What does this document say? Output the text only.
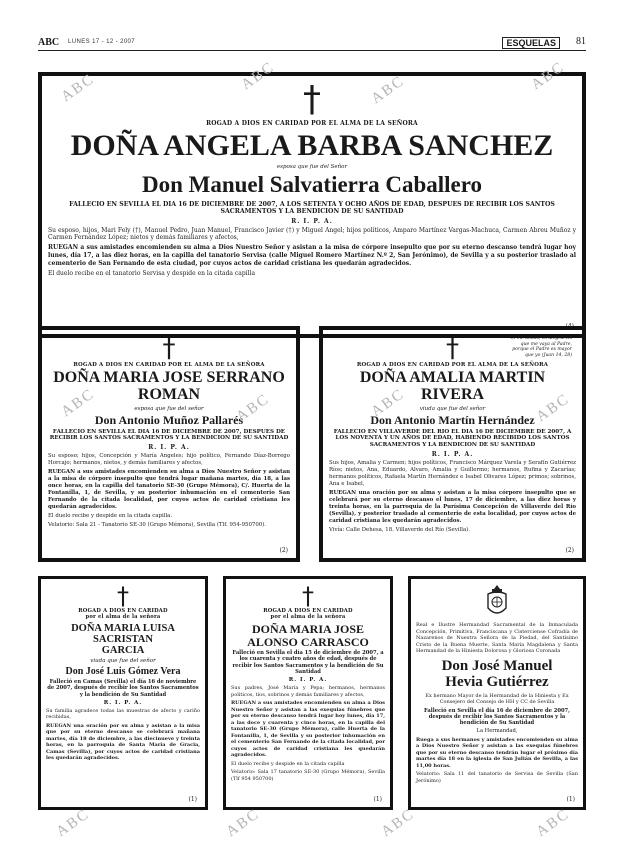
ABC LUNES 17 - 12 - 2007	ESQUELAS	81
†
ROGAD A DIOS EN CARIDAD POR EL ALMA DE LA SEÑORA
DOÑA ANGELA BARBA SANCHEZ
esposa que fue del Señor
Don Manuel Salvatierra Caballero
FALLECIO EN SEVILLA EL DIA 16 DE DICIEMBRE DE 2007, A LOS SETENTA Y OCHO AÑOS DE EDAD, DESPUES DE RECIBIR LOS SANTOS SACRAMENTOS Y LA BENDICION DE SU SANTIDAD
R. I. P. A.
Su esposo, hijos, Mari Fely (†), Manuel Pedro, Juan Manuel, Francisco Javier (†) y Miguel Angel; hijos políticos, Amparo Martínez Vargas-Machuca, Carmen Abreu Muñoz y Carmen Fernández López; nietos y demás familiares y afectos,
RUEGAN a sus amistades encomienden su alma a Dios Nuestro Señor y asistan a la misa de córpore insepulto que por su eterno descanso tendrá lugar hoy lunes, día 17, a las diez horas, en la capilla del tanatorio Servisa (calle Miguel Romero Martínez N.º 2, San Jerónimo), de Sevilla y a su posterior traslado al cementerio de San Fernando de esta ciudad, por cuyos actos de caridad cristiana les quedarán agradecidos.
El duelo recibe en el tanatorio Servisa y despide en la citada capilla
(4)
†
ROGAD A DIOS EN CARIDAD POR EL ALMA DE LA SEÑORA
DOÑA MARIA JOSE SERRANO
ROMAN
esposa que fue del señor
Don Antonio Muñoz Pallarés
FALLECIO EN SEVILLA EL DIA 16 DE DICIEMBRE DE 2007, DESPUES DE RECIBIR LOS SANTOS SACRAMENTOS Y LA BENDICION DE SU SANTIDAD
R. I. P. A.
Su esposo; hijos, Concepción y María Angeles; hijo político, Fernando Díaz-Borrego Horcajo; hermanos, nietos, y demás familiares y afectos,
RUEGAN a sus amistades encomienden su alma a Dios Nuestro Señor y asistan a la misa de córpore insepulto que tendrá lugar mañana martes, día 18, a las once horas, en la capilla del tanatorio SE-30 (Grupo Mémora), C/. Huerta de la Fontanilla, 1, de Sevilla, y su posterior inhumación en el cementerio San Fernando de la citada localidad, por cuyos actos de caridad cristiana les quedarán agradecidos.
El duelo recibe y despide en la citada capilla.
Velatorio: Sala 21 - Tanatorio SE-30 (Grupo Mémora), Sevilla (Tlf. 954-950700).
(2)
†	Si me amáis, os alegraréis
que me vaya al Padre,
porque el Padre es mayor
que yo (Juan 14, 28)
ROGAD A DIOS EN CARIDAD POR EL ALMA DE LA SEÑORA
DOÑA AMALIA MARTIN
RIVERA
viuda que fue del señor
Don Antonio Martín Hernández
FALLECIO EN VILLAVERDE DEL RIO EL DIA 16 DE DICIEMBRE DE 2007, A LOS NOVENTA Y UN AÑOS DE EDAD, HABIENDO RECIBIDO LOS SANTOS SACRAMENTOS Y LA BENDICION DE SU SANTIDAD
R. I. P. A.
Sus hijos, Amalia y Carmen; hijos políticos, Francisco Márquez Varela y Serafín Gutiérrez Ríos; nietos, Ana, Eduardo, Alvaro, Amalia y Guillermo; hermanos, Rufina y Zacarías; hermanos políticos, Rafaela Martín Hernández e Isabel Olivares López; primos; sobrinos, Ana e Isabel,
RUEGAN una oración por su alma y asistan a la misa córpore insepulto que se celebrará por su eterno descanso el lunes, 17 de diciembre, a las diez horas y treinta horas, en la parroquia de la Purísima Concepción de Villaverde del Río (Sevilla), y posterior traslado al cementerio de esta localidad, por cuyos actos de caridad cristiana les quedarán agradecidos.
Vivía: Calle Dehesa, 18. Villaverde del Río (Sevilla).
(2)
†
ROGAD A DIOS EN CARIDAD
por el alma de la señora
DOÑA MARIA LUISA SACRISTAN
GARCIA
viuda que fue del señor
Don José Luis Gómez Vera
Falleció en Camas (Sevilla) el día 16 de noviembre de 2007, después de recibir los Santos Sacramentos y la bendición de Su Santidad
R. I. P. A.
Su familia agradece todas las muestras de afecto y cariño recibidas,
RUEGAN una oración por su alma y asistan a la misa que por su eterno descanso se celebrará mañana martes, día 18 de diciembre, a las diecinueve y treinta horas, en la parroquia de Santa María de Gracia, Camas (Sevilla), por cuyos actos de caridad cristiana les quedarán agradecidos.
(1)
†
ROGAD A DIOS EN CARIDAD
por el alma de la señora
DOÑA MARIA JOSE
ALONSO CARRASCO
Falleció en Sevilla el día 15 de diciembre de 2007, a los cuarenta y cuatro años de edad, después de recibir los Santos Sacramentos y la bendición de Su Santidad
R. I. P. A.
Sus padres, José María y Pepa; hermanos, hermanos políticos, tíos, sobrinos y demás familiares y afectos,
RUEGAN a sus amistades encomienden su alma a Dios Nuestro Señor y asistan a las exequias fúnebres que por su eterno descanso tendrá lugar hoy lunes, día 17, a las doce y cuarenta y cinco horas, en la capilla del tanatorio SE-30 (Grupo Mémora), calle Huerta de la Fontanilla, 1, de Sevilla y su posterior inhumación en el cementerio San Fernando de la citada localidad, por cuyos actos de caridad cristiana les quedarán agradecidos.
El duelo recibe y despide en la citada capilla
Velatorio: Sala 17 tanatorio SE-30 (Grupo Mémora), Sevilla (Tlf 954 950700)
(1)
Real e Ilustre Hermandad Sacramental de la Inmaculada Concepción, Primitiva, Franciscana y Cisterciense Cofradía de Nazarenos de Nuestra Señora de la Piedad, del Santísimo Cristo de la Buena Muerte, Santa María Magdalena y Santa Hermandad de la Hiniesta Dolorosa y Gloriosa Coronada
Don José Manuel
Hevia Gutiérrez
Ex hermano Mayor de la Hermandad de la Hiniesta y Ex Consejero del Consejo de HH y CC de Sevilla
Falleció en Sevilla el día 16 de diciembre de 2007, después de recibir los Santos Sacramentos y la bendición de Su Santidad
La Hermandad,
Ruega a sus hermanos y amistades encomienden su alma a Dios Nuestro Señor y asistan a las exequias fúnebres que por su eterno descanso tendrán lugar el próximo día martes día 18 en la iglesia de San Julián de Sevilla, a las 11,00 horas.
Velatorio: Sala 11 del tanatorio de Servisa de Sevilla (San Jerónimo)
(1)
ABC	ABC	ABC	ABC
ABC	ABC	ABC	ABC
ABC	ABC	ABC	ABC
